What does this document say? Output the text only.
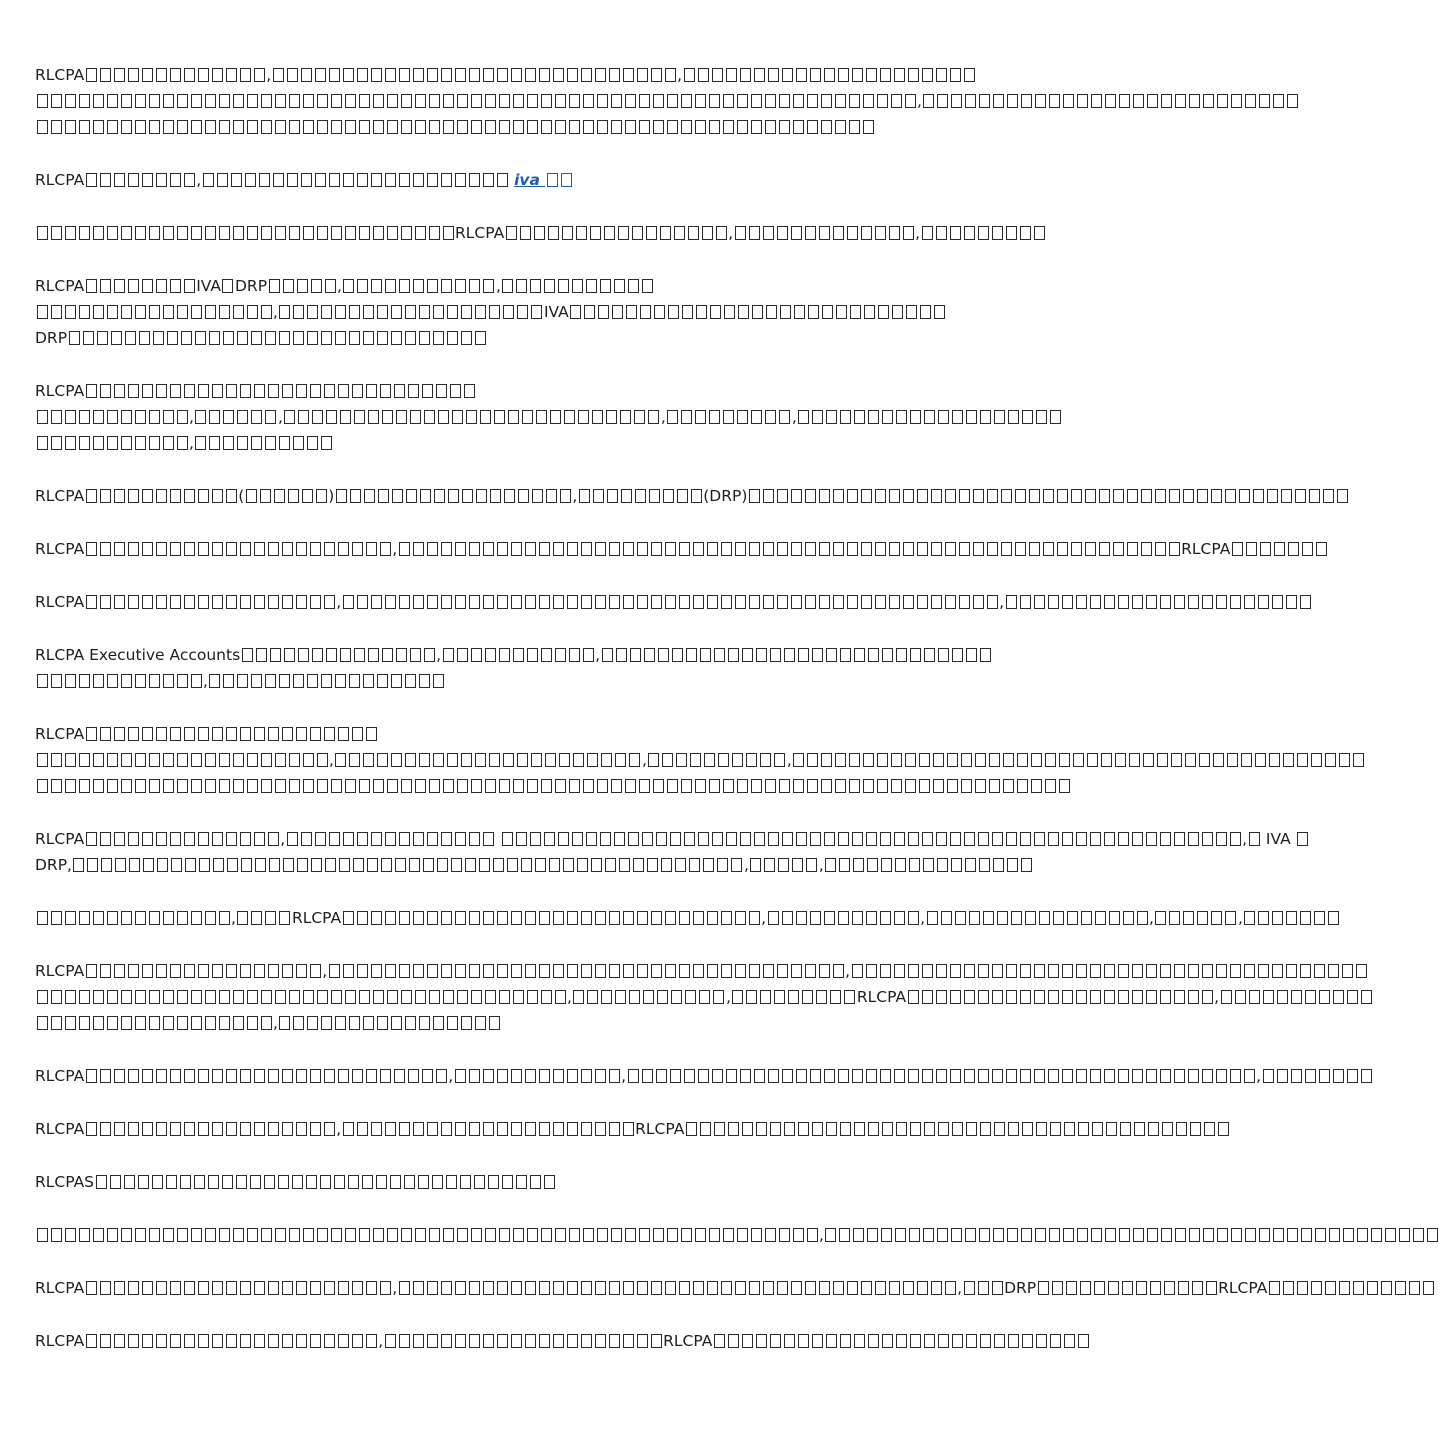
RLCPA	,	,
,
RLCPA	,	iva
RLCPA	,	,
RLCPA	IVA DRP	,	,
,	IVA
DRP
RLCPA
,	,	,	,
,
RLCPA	(	)	,	(DRP)
RLCPA	,	RLCPA
RLCPA	,	,
RLCPA Executive Accounts	,	,
,
RLCPA
,	,	,
RLCPA	,	, IVA
DRP,	,	,
,	RLCPA	,	,	,	,
RLCPA	,	,
,	,	RLCPA	,
,
RLCPA	,	,	,
RLCPA	,	RLCPA
RLCPAS
,
RLCPA	,	,	DRP	RLCPA
RLCPA	,	RLCPA
